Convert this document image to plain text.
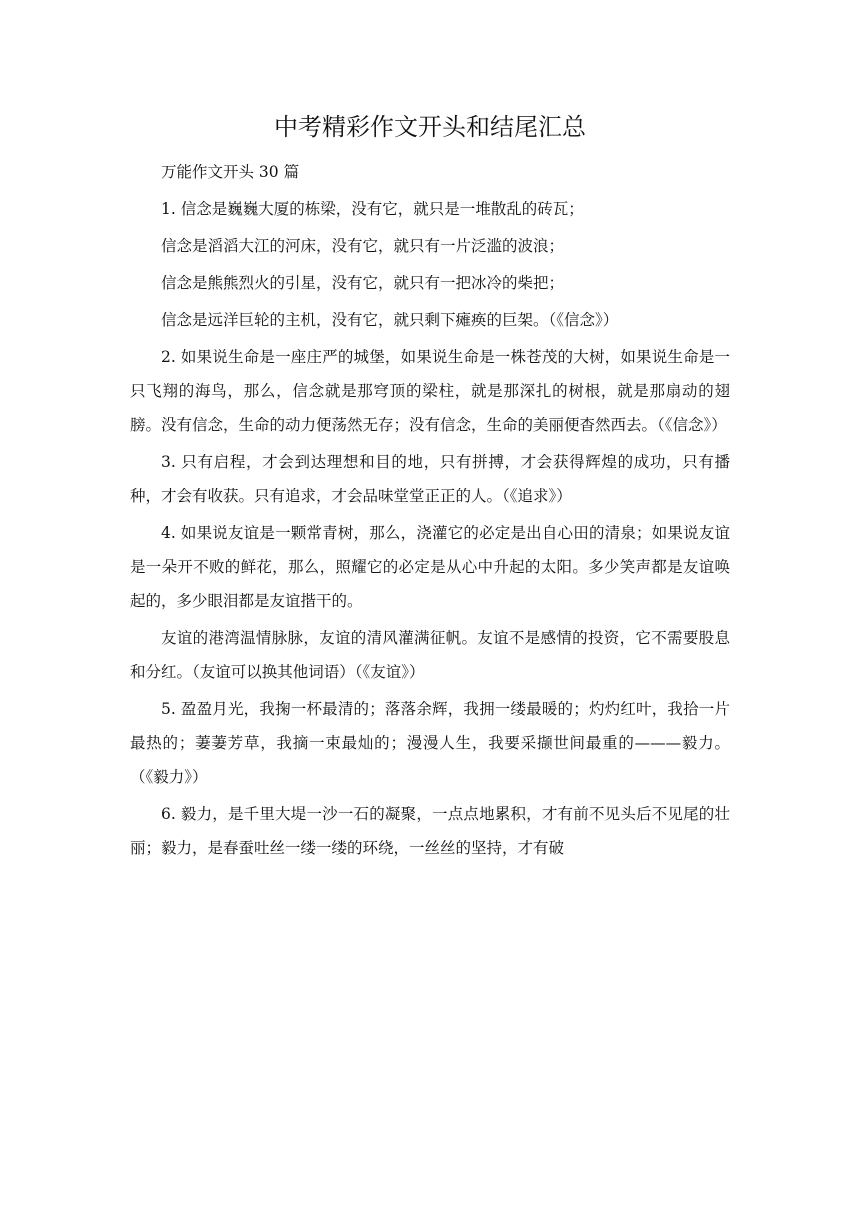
中考精彩作文开头和结尾汇总

万能作文开头 30 篇

1. 信念是巍巍大厦的栋梁，没有它，就只是一堆散乱的砖瓦；

信念是滔滔大江的河床，没有它，就只有一片泛滥的波浪；

信念是熊熊烈火的引星，没有它，就只有一把冰冷的柴把；

信念是远洋巨轮的主机，没有它，就只剩下瘫痪的巨架。（《信念》）

2. 如果说生命是一座庄严的城堡，如果说生命是一株苍茂的大树，如果说生命是一只飞翔的海鸟，那么，信念就是那穹顶的梁柱，就是那深扎的树根，就是那扇动的翅膀。没有信念，生命的动力便荡然无存；没有信念，生命的美丽便杳然西去。（《信念》）

3. 只有启程，才会到达理想和目的地，只有拼搏，才会获得辉煌的成功，只有播种，才会有收获。只有追求，才会品味堂堂正正的人。（《追求》）

4. 如果说友谊是一颗常青树，那么，浇灌它的必定是出自心田的清泉；如果说友谊是一朵开不败的鲜花，那么，照耀它的必定是从心中升起的太阳。多少笑声都是友谊唤起的，多少眼泪都是友谊揩干的。

友谊的港湾温情脉脉，友谊的清风灌满征帆。友谊不是感情的投资，它不需要股息和分红。（友谊可以换其他词语）（《友谊》）

5. 盈盈月光，我掬一杯最清的；落落余辉，我拥一缕最暖的；灼灼红叶，我拾一片最热的；萋萋芳草，我摘一束最灿的；漫漫人生，我要采撷世间最重的———毅力。（《毅力》）

6. 毅力，是千里大堤一沙一石的凝聚，一点点地累积，才有前不见头后不见尾的壮丽；毅力，是春蚕吐丝一缕一缕的环绕，一丝丝的坚持，才有破
